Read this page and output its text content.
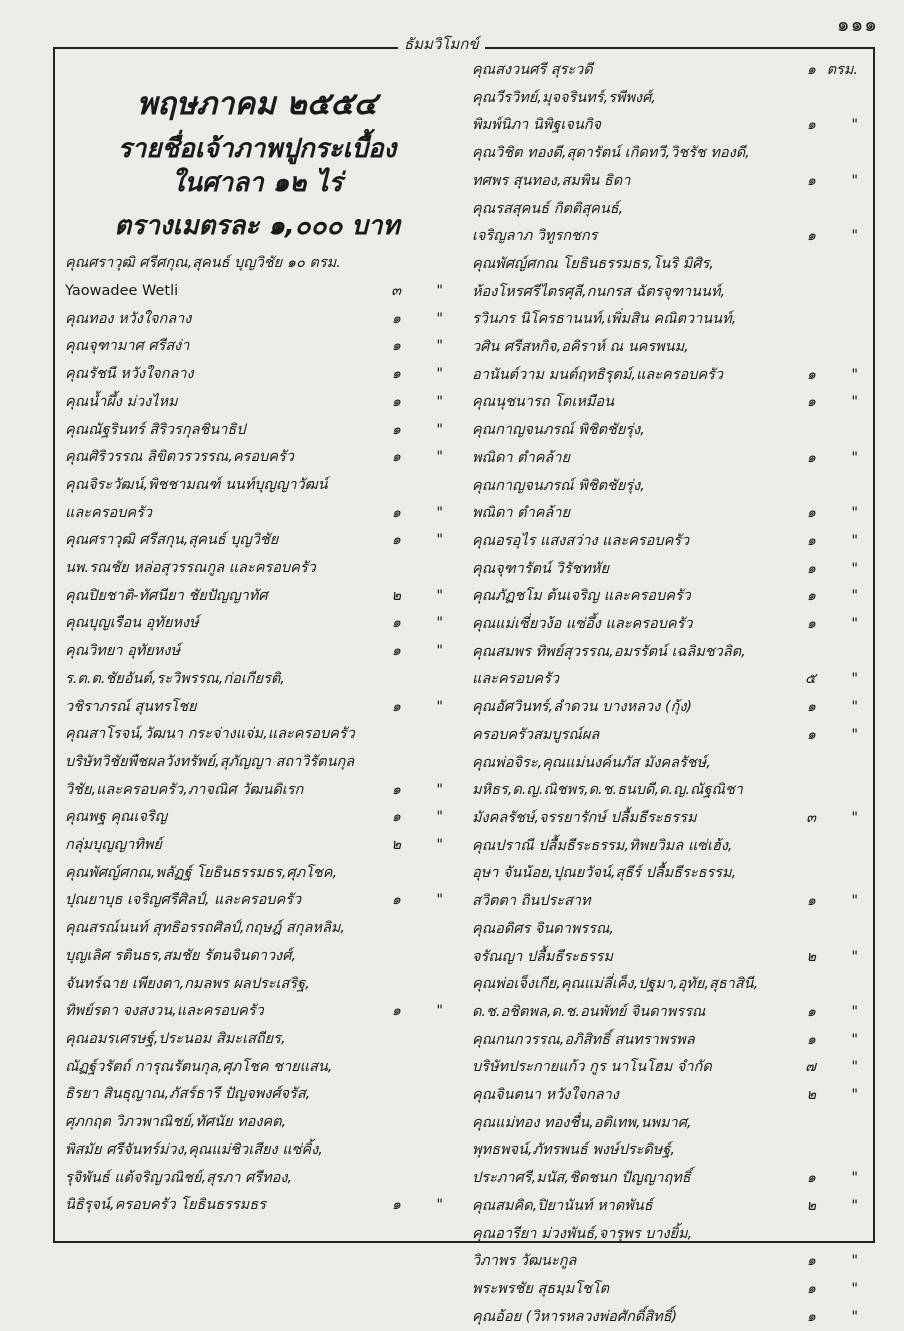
๑๑๑
ธัมมวิโมกข์
พฤษภาคม ๒๕๕๔
รายชื่อเจ้าภาพปูกระเบื้อง
ในศาลา ๑๒ ไร่
ตรางเมตรละ ๑,๐๐๐ บาท
คุณศราวุฒิ ศรีศกุณ,สุคนธ์ บุญวิชัย ๑๐ ตรม.
Yaowadee Wetli	๓ "
คุณทอง หวังใจกลาง	๑ "
คุณจุฑามาศ ศรีสง่า	๑ "
คุณรัชนี หวังใจกลาง	๑ "
คุณน้ำผึ้ง ม่วงไหม	๑ "
คุณณัฐรินทร์ สิริวรกุลชินาธิป	๑ "
คุณศิริวรรณ ลิขิตวรวรรณ,ครอบครัว	๑ "
คุณจิระวัฒน์,พิชชามณฑ์ นนท์บุญญาวัฒน์
และครอบครัว	๑ "
คุณศราวุฒิ ศรีสกุน,สุคนธ์ บุญวิชัย	๑ "
นพ.รณชัย หล่อสุวรรณกูล และครอบครัว
คุณปิยชาติ-ทัศนียา ชัยปัญญาทัศ	๒ "
คุณบุญเรือน อุทัยหงษ์	๑ "
คุณวิทยา อุทัยหงษ์	๑ "
ร.ต.ต.ชัยอันต์,ระวิพรรณ,ก่อเกียรติ,
วชิราภรณ์ สุนทรโชย	๑ "
คุณสาโรจน์,วัฒนา กระจ่างแจ่ม,และครอบครัว
บริษัทวิชัยพืชผลวังทรัพย์,สุภัญญา สถาวิรัตนกุล
วิชัย,และครอบครัว,ภาจณิศ วัฒนดิเรก	๑ "
คุณพฐ คุณเจริญ	๑ "
กลุ่มบุญญาทิพย์	๒ "
คุณพัศญ์ศกณ,พลัฏฐ์ โยธินธรรมธร,ศุภโชค,
ปุณยาบุธ เจริญศรีศิลป์, และครอบครัว	๑ "
คุณสรณ์นนท์ สุทธิอรรถศิลป์,กฤษฎ์ สกุลหลิม,
บุญเลิศ รตินธร,สมชัย รัตนจินดาวงศ์,
จันทร์ฉาย เพียงตา,กมลพร ผลประเสริฐ,
ทิพย์รดา จงสงวน,และครอบครัว	๑ "
คุณอมรเศรษฐ์,ประนอม สิมะเสถียร,
ณัฏฐ์วรัตถ์ การุณรัตนกุล,ศุภโชค ชายแสน,
ธิรยา สินธุญาณ,ภัสร์ธารี ปัญจพงศ์จรัส,
ศุภกฤต วิภวพาณิชย์,ทัศนัย ทองคต,
พิสมัย ศรีจันทร์ม่วง,คุณแม่ชิวเสียง แซ่คิ้ง,
รุจิพันธ์ แต้จริญวณิชย์,สุรภา ศรีทอง,
นิธิรุจน์,ครอบครัว โยธินธรรมธร	๑ "
คุณสงวนศรี สุระวดี	๑ ตรม.
คุณวีรวิทย์,มุจจรินทร์,รพีพงศ์,
พิมพ์นิภา นิพิฐเจนกิจ	๑ "
คุณวิชิต ทองดี,สุดารัตน์ เกิดทวี,วิชรัช ทองดี,
ทศพร สุนทอง,สมพิน ธิดา	๑ "
คุณรสสุคนธ์ กิตติสุคนธ์,
เจริญลาภ วิทูรกชกร	๑ "
คุณพัศญ์ศกณ โยธินธรรมธร,โนริ มิศิร,
ห้องโหรศรีไตรศุลี,กนกรส ฉัตรจุฑานนท์,
รวินภร นิโครธานนท์,เพิ่มสิน คณิตวานนท์,
วศิน ศรีสหกิจ,อคิราห์ ณ นครพนม,
อานันต์วาม มนต์ฤทธิรุตม์,และครอบครัว	๑ "
คุณนุชนารถ โตเหมือน	๑ "
คุณกาญจนภรณ์ พิชิตชัยรุ่ง,
พณิดา ตำคล้าย	๑ "
คุณกาญจนภรณ์ พิชิตชัยรุ่ง,
พณิดา ตำคล้าย	๑ "
คุณอรอุไร แสงสว่าง และครอบครัว	๑ "
คุณจุฑารัตน์ วิรัชทหัย	๑ "
คุณภัฏชโม ต้นเจริญ และครอบครัว	๑ "
คุณแม่เซี่ยวง้อ แซ่อึ้ง และครอบครัว	๑ "
คุณสมพร ทิพย์สุวรรณ,อมรรัตน์ เฉลิมชวลิต,
และครอบครัว	๕ "
คุณอัศวินทร์,ลำดวน บางหลวง (กุ้ง)	๑ "
ครอบครัวสมบูรณ์ผล	๑ "
คุณพ่อจิระ,คุณแม่นงค์นภัส มังคลรัชษ์,
มหิธร,ด.ญ.ณิชพร,ด.ช.ธนบดี,ด.ญ.ณัฐณิชา
มังคลรัชษ์,จรรยารักษ์ ปลื้มธีระธรรม	๓ "
คุณปราณี ปลื้มธีระธรรม,ทิพยวิมล แซ่เฮ้ง,
อุษา จันน้อย,ปุณยวัจน์,สุธีร์ ปลื้มธีระธรรม,
สวิตตา ถินประสาท	๑ "
คุณอดิศร จินดาพรรณ,
จรัณญา ปลื้มธีระธรรม	๒ "
คุณพ่อเจ็งเกีย,คุณแม่ลี่เค็ง,ปฐมา,อุทัย,สุธาสินี,
ด.ช.อชิตพล,ด.ช.อนพัทย์ จินดาพรรณ	๑ "
คุณกนกวรรณ,อภิสิทธิ์ สนทราพรพล	๑ "
บริษัทประกายแก้ว กูร นาโนโฮม จำกัด	๗ "
คุณจินตนา หวังใจกลาง	๒ "
คุณแม่ทอง ทองชื่น,อติเทพ,นพมาศ,
พุทธพจน์,ภัทรพนธ์ พงษ์ประดิษฐ์,
ประภาศรี,มนัส,ชิดชนก ปัญญาฤทธิ์	๑ "
คุณสมคิด,ปิยานันท์ หาดพันธ์	๒ "
คุณอารียา ม่วงพันธ์,จารุพร บางยิ้ม,
วิภาพร วัฒนะกูล	๑ "
พระพรชัย สุธมฺมโชโต	๑ "
คุณอ้อย (วิหารหลวงพ่อศักดิ์สิทธิ์)	๑ "
